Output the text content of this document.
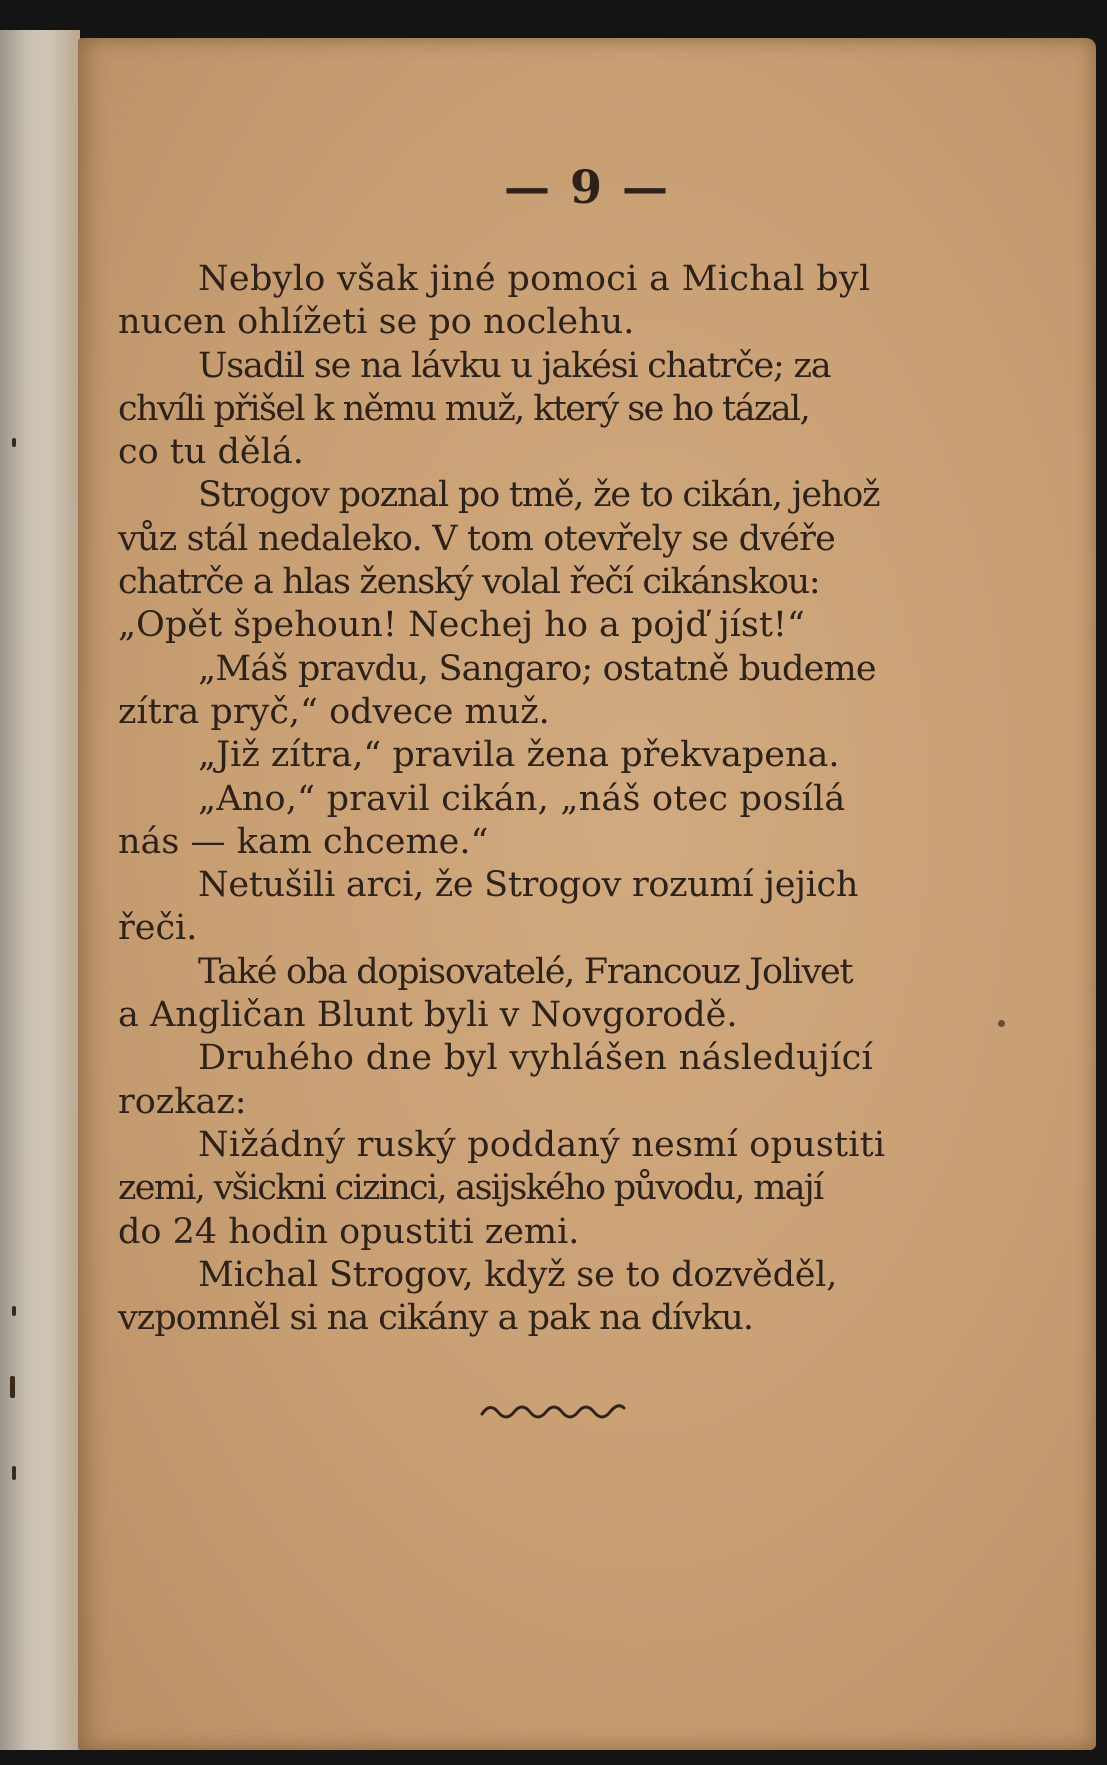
— 9 —
Nebylo však jiné pomoci a Michal byl
nucen ohlížeti se po noclehu.
Usadil se na lávku u jakési chatrče; za
chvíli přišel k němu muž, který se ho tázal,
co tu dělá.
Strogov poznal po tmě, že to cikán, jehož
vůz stál nedaleko. V tom otevřely se dvéře
chatrče a hlas ženský volal řečí cikánskou:
„Opět špehoun! Nechej ho a pojď jíst!“
„Máš pravdu, Sangaro; ostatně budeme
zítra pryč,“ odvece muž.
„Již zítra,“ pravila žena překvapena.
„Ano,“ pravil cikán, „náš otec posílá
nás — kam chceme.“
Netušili arci, že Strogov rozumí jejich
řeči.
Také oba dopisovatelé, Francouz Jolivet
a Angličan Blunt byli v Novgorodě.
Druhého dne byl vyhlášen následující
rozkaz:
Nižádný ruský poddaný nesmí opustiti
zemi, všickni cizinci, asijského původu, mají
do 24 hodin opustiti zemi.
Michal Strogov, když se to dozvěděl,
vzpomněl si na cikány a pak na dívku.
